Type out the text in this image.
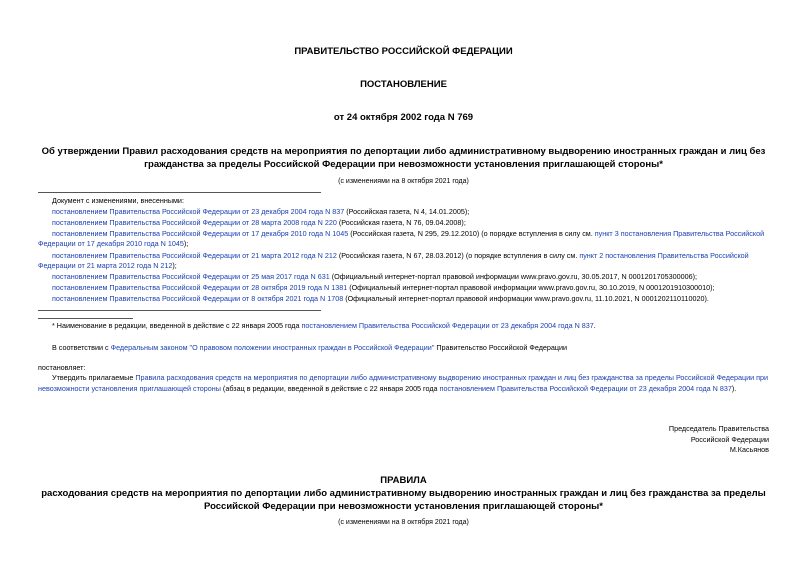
ПРАВИТЕЛЬСТВО РОССИЙСКОЙ ФЕДЕРАЦИИ
ПОСТАНОВЛЕНИЕ
от 24 октября 2002 года N 769
Об утверждении Правил расходования средств на мероприятия по депортации либо административному выдворению иностранных граждан и лиц без гражданства за пределы Российской Федерации при невозможности установления приглашающей стороны*
(с изменениями на 8 октября 2021 года)
Документ с изменениями, внесенными:
постановлением Правительства Российской Федерации от 23 декабря 2004 года N 837 (Российская газета, N 4, 14.01.2005);
постановлением Правительства Российской Федерации от 28 марта 2008 года N 220 (Российская газета, N 76, 09.04.2008);
постановлением Правительства Российской Федерации от 17 декабря 2010 года N 1045 (Российская газета, N 295, 29.12.2010) (о порядке вступления в силу см. пункт 3 постановления Правительства Российской
Федерации от 17 декабря 2010 года N 1045);
постановлением Правительства Российской Федерации от 21 марта 2012 года N 212 (Российская газета, N 67, 28.03.2012) (о порядке вступления в силу см. пункт 2 постановления Правительства Российской
Федерации от 21 марта 2012 года N 212);
постановлением Правительства Российской Федерации от 25 мая 2017 года N 631 (Официальный интернет-портал правовой информации www.pravo.gov.ru, 30.05.2017, N 0001201705300006);
постановлением Правительства Российской Федерации от 28 октября 2019 года N 1381 (Официальный интернет-портал правовой информации www.pravo.gov.ru, 30.10.2019, N 0001201910300010);
постановлением Правительства Российской Федерации от 8 октября 2021 года N 1708 (Официальный интернет-портал правовой информации www.pravo.gov.ru, 11.10.2021, N 0001202110110020).
* Наименование в редакции, введенной в действие с 22 января 2005 года постановлением Правительства Российской Федерации от 23 декабря 2004 года N 837.
В соответствии с Федеральным законом "О правовом положении иностранных граждан в Российской Федерации" Правительство Российской Федерации
постановляет:
Утвердить прилагаемые Правила расходования средств на мероприятия по депортации либо административному выдворению иностранных граждан и лиц без гражданства за пределы Российской Федерации при невозможности установления приглашающей стороны (абзац в редакции, введенной в действие с 22 января 2005 года постановлением Правительства Российской Федерации от 23 декабря 2004 года N 837).
Председатель Правительства
Российской Федерации
М.Касьянов
ПРАВИЛА
расходования средств на мероприятия по депортации либо административному выдворению иностранных граждан и лиц без гражданства за пределы Российской Федерации при невозможности установления приглашающей стороны*
(с изменениями на 8 октября 2021 года)
